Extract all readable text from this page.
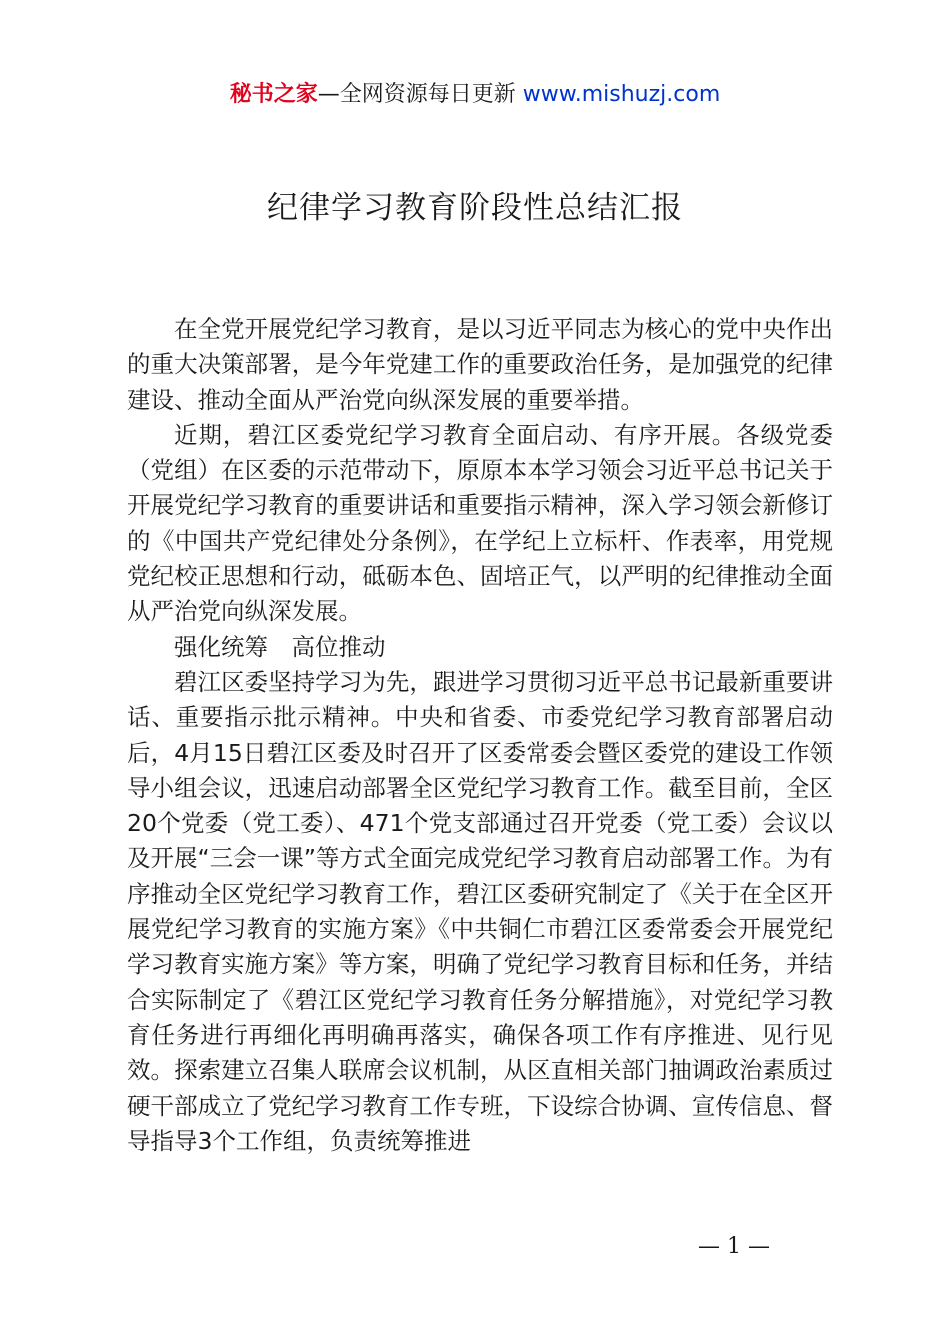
秘书之家—全网资源每日更新 www.mishuzj.com
纪律学习教育阶段性总结汇报

在全党开展党纪学习教育，是以习近平同志为核心的党中央作出的重大决策部署，是今年党建工作的重要政治任务，是加强党的纪律建设、推动全面从严治党向纵深发展的重要举措。

近期，碧江区委党纪学习教育全面启动、有序开展。各级党委（党组）在区委的示范带动下，原原本本学习领会习近平总书记关于开展党纪学习教育的重要讲话和重要指示精神，深入学习领会新修订的《中国共产党纪律处分条例》，在学纪上立标杆、作表率，用党规党纪校正思想和行动，砥砺本色、固培正气，以严明的纪律推动全面从严治党向纵深发展。

强化统筹　高位推动

碧江区委坚持学习为先，跟进学习贯彻习近平总书记最新重要讲话、重要指示批示精神。中央和省委、市委党纪学习教育部署启动后，4月15日碧江区委及时召开了区委常委会暨区委党的建设工作领导小组会议，迅速启动部署全区党纪学习教育工作。截至目前，全区20个党委（党工委）、471个党支部通过召开党委（党工委）会议以及开展“三会一课”等方式全面完成党纪学习教育启动部署工作。为有序推动全区党纪学习教育工作，碧江区委研究制定了《关于在全区开展党纪学习教育的实施方案》《中共铜仁市碧江区委常委会开展党纪学习教育实施方案》等方案，明确了党纪学习教育目标和任务，并结合实际制定了《碧江区党纪学习教育任务分解措施》，对党纪学习教育任务进行再细化再明确再落实，确保各项工作有序推进、见行见效。探索建立召集人联席会议机制，从区直相关部门抽调政治素质过硬干部成立了党纪学习教育工作专班，下设综合协调、宣传信息、督导指导3个工作组，负责统筹推进

— 1 —
